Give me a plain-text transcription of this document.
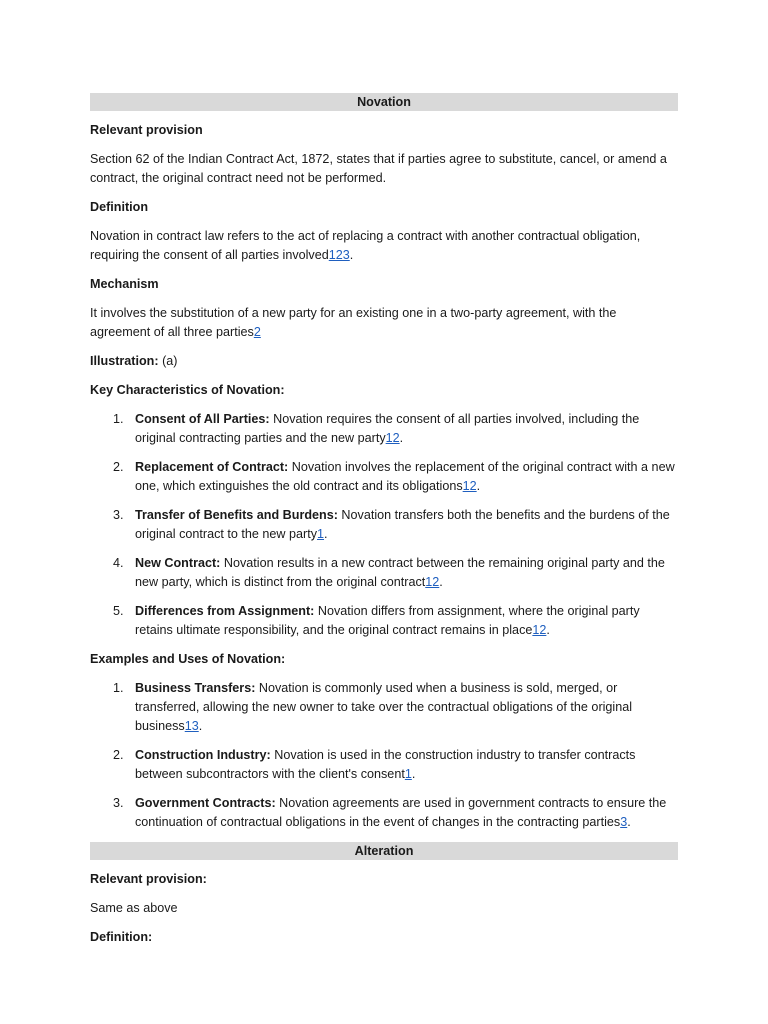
Novation
Relevant provision
Section 62 of the Indian Contract Act, 1872, states that if parties agree to substitute, cancel, or amend a contract, the original contract need not be performed.
Definition
Novation in contract law refers to the act of replacing a contract with another contractual obligation, requiring the consent of all parties involved123.
Mechanism
It involves the substitution of a new party for an existing one in a two-party agreement, with the agreement of all three parties2
Illustration: (a)
Key Characteristics of Novation:
1. Consent of All Parties: Novation requires the consent of all parties involved, including the original contracting parties and the new party12.
2. Replacement of Contract: Novation involves the replacement of the original contract with a new one, which extinguishes the old contract and its obligations12.
3. Transfer of Benefits and Burdens: Novation transfers both the benefits and the burdens of the original contract to the new party1.
4. New Contract: Novation results in a new contract between the remaining original party and the new party, which is distinct from the original contract12.
5. Differences from Assignment: Novation differs from assignment, where the original party retains ultimate responsibility, and the original contract remains in place12.
Examples and Uses of Novation:
1. Business Transfers: Novation is commonly used when a business is sold, merged, or transferred, allowing the new owner to take over the contractual obligations of the original business13.
2. Construction Industry: Novation is used in the construction industry to transfer contracts between subcontractors with the client's consent1.
3. Government Contracts: Novation agreements are used in government contracts to ensure the continuation of contractual obligations in the event of changes in the contracting parties3.
Alteration
Relevant provision:
Same as above
Definition:
